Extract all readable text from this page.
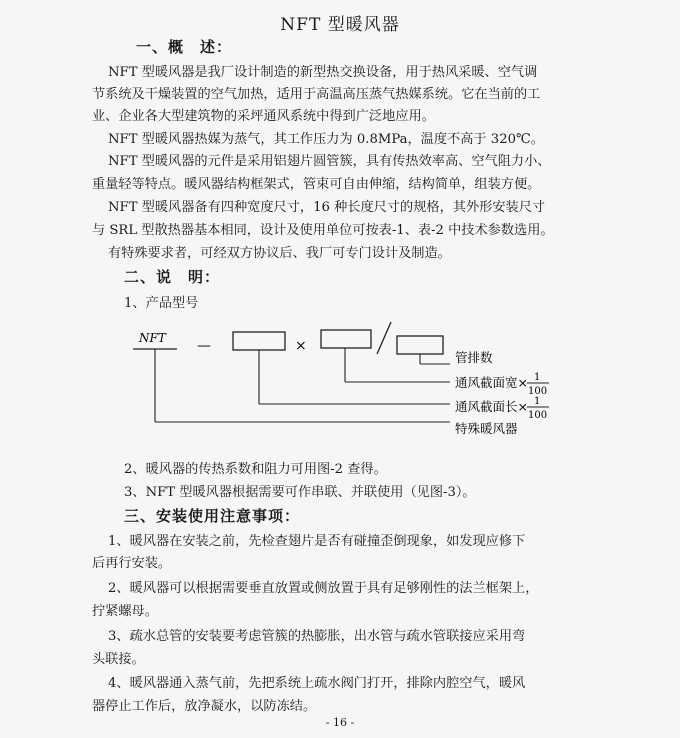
NFT 型暖风器
一、概　述：
NFT 型暖风器是我厂设计制造的新型热交换设备，用于热风采暖、空气调
节系统及干燥装置的空气加热，适用于高温高压蒸气热媒系统。它在当前的工
业、企业各大型建筑物的采坪通风系统中得到广泛地应用。
NFT 型暖风器热媒为蒸气，其工作压力为 0.8MPa，温度不高于 320℃。
NFT 型暖风器的元件是采用铝翅片圆管簇，具有传热效率高、空气阻力小、
重量轻等特点。暖风器结构框架式，管束可自由伸缩，结构简单，组装方便。
NFT 型暖风器备有四种宽度尺寸，16 种长度尺寸的规格，其外形安装尺寸
与 SRL 型散热器基本相同，设计及使用单位可按表-1、表-2 中技术参数选用。
有特殊要求者，可经双方协议后、我厂可专门设计及制造。
二、说　明：
1、产品型号
NFT —	×
管排数
通风截面宽× 1
100
通风截面长× 1
100
特殊暖风器
2、暖风器的传热系数和阻力可用图-2 查得。
3、NFT 型暖风器根据需要可作串联、并联使用（见图-3）。
三、安装使用注意事项：
1、暖风器在安装之前，先检查翅片是否有碰撞歪倒现象，如发现应修下
后再行安装。
2、暖风器可以根据需要垂直放置或侧放置于具有足够刚性的法兰框架上，
拧紧螺母。
3、疏水总管的安装要考虑管簇的热膨胀，出水管与疏水管联接应采用弯
头联接。
4、暖风器通入蒸气前，先把系统上疏水阀门打开，排除内腔空气，暖风
器停止工作后，放净凝水，以防冻结。
- 16 -
